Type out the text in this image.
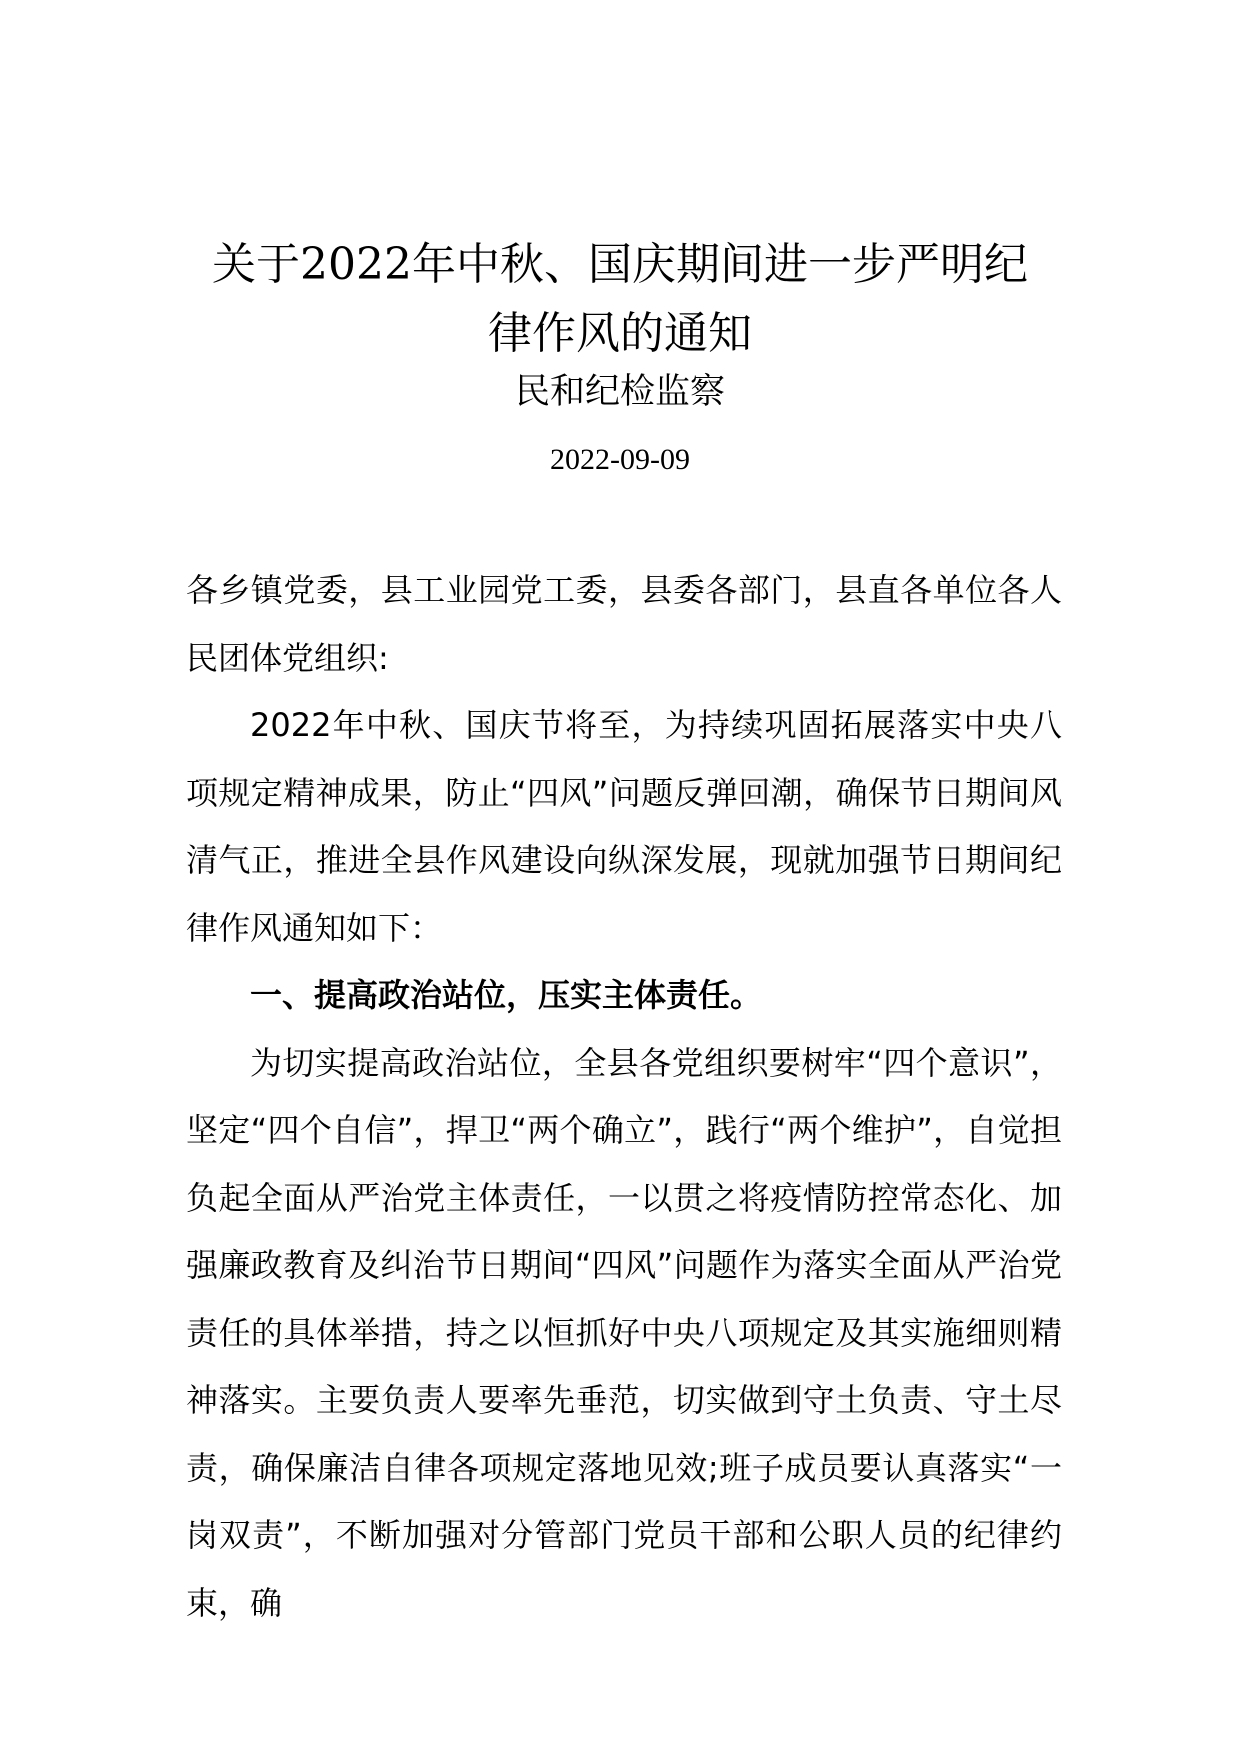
关于2022年中秋、国庆期间进一步严明纪
律作风的通知
民和纪检监察
2022-09-09

各乡镇党委，县工业园党工委，县委各部门，县直各单位各人民团体党组织:

2022年中秋、国庆节将至，为持续巩固拓展落实中央八项规定精神成果，防止“四风”问题反弹回潮，确保节日期间风清气正，推进全县作风建设向纵深发展，现就加强节日期间纪律作风通知如下：

一、提高政治站位，压实主体责任。

为切实提高政治站位，全县各党组织要树牢“四个意识”，坚定“四个自信”，捍卫“两个确立”，践行“两个维护”，自觉担负起全面从严治党主体责任，一以贯之将疫情防控常态化、加强廉政教育及纠治节日期间“四风”问题作为落实全面从严治党责任的具体举措，持之以恒抓好中央八项规定及其实施细则精神落实。主要负责人要率先垂范，切实做到守土负责、守土尽责，确保廉洁自律各项规定落地见效;班子成员要认真落实“一岗双责”，不断加强对分管部门党员干部和公职人员的纪律约束，确
